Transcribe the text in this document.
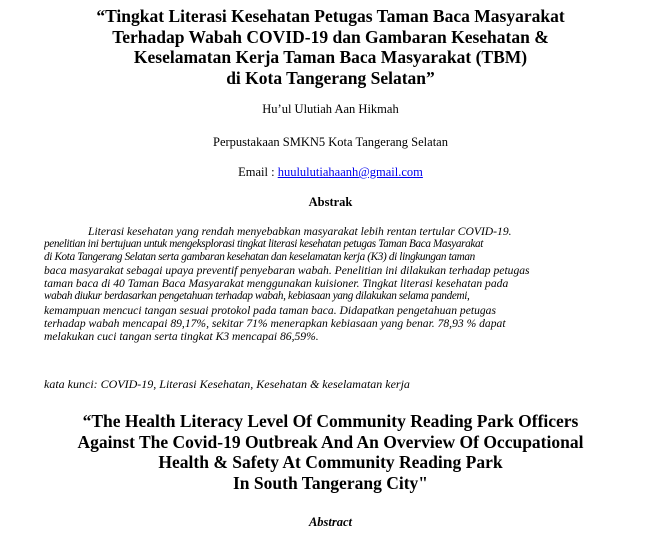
“Tingkat Literasi Kesehatan Petugas Taman Baca Masyarakat
Terhadap Wabah COVID-19 dan Gambaran Kesehatan &
Keselamatan Kerja Taman Baca Masyarakat (TBM)
di Kota Tangerang Selatan”

Hu’ul Ulutiah Aan Hikmah

Perpustakaan SMKN5 Kota Tangerang Selatan

Email : huululutiahaanh@gmail.com

Abstrak

Literasi kesehatan yang rendah menyebabkan masyarakat lebih rentan tertular COVID-19.
penelitian ini bertujuan untuk mengeksplorasi tingkat literasi kesehatan petugas Taman Baca Masyarakat
di Kota Tangerang Selatan serta gambaran kesehatan dan keselamatan kerja (K3) di lingkungan taman
baca masyarakat sebagai upaya preventif penyebaran wabah. Penelitian ini dilakukan terhadap petugas
taman baca di 40 Taman Baca Masyarakat menggunakan kuisioner. Tingkat literasi kesehatan pada
wabah diukur berdasarkan pengetahuan terhadap wabah, kebiasaan yang dilakukan selama pandemi,
kemampuan mencuci tangan sesuai protokol pada taman baca. Didapatkan pengetahuan petugas
terhadap wabah mencapai 89,17%, sekitar 71% menerapkan kebiasaan yang benar. 78,93 % dapat
melakukan cuci tangan serta tingkat K3 mencapai 86,59%.

kata kunci: COVID-19, Literasi Kesehatan, Kesehatan & keselamatan kerja

“The Health Literacy Level Of Community Reading Park Officers
Against The Covid-19 Outbreak And An Overview Of Occupational
Health & Safety At Community Reading Park
In South Tangerang City"
Abstract
